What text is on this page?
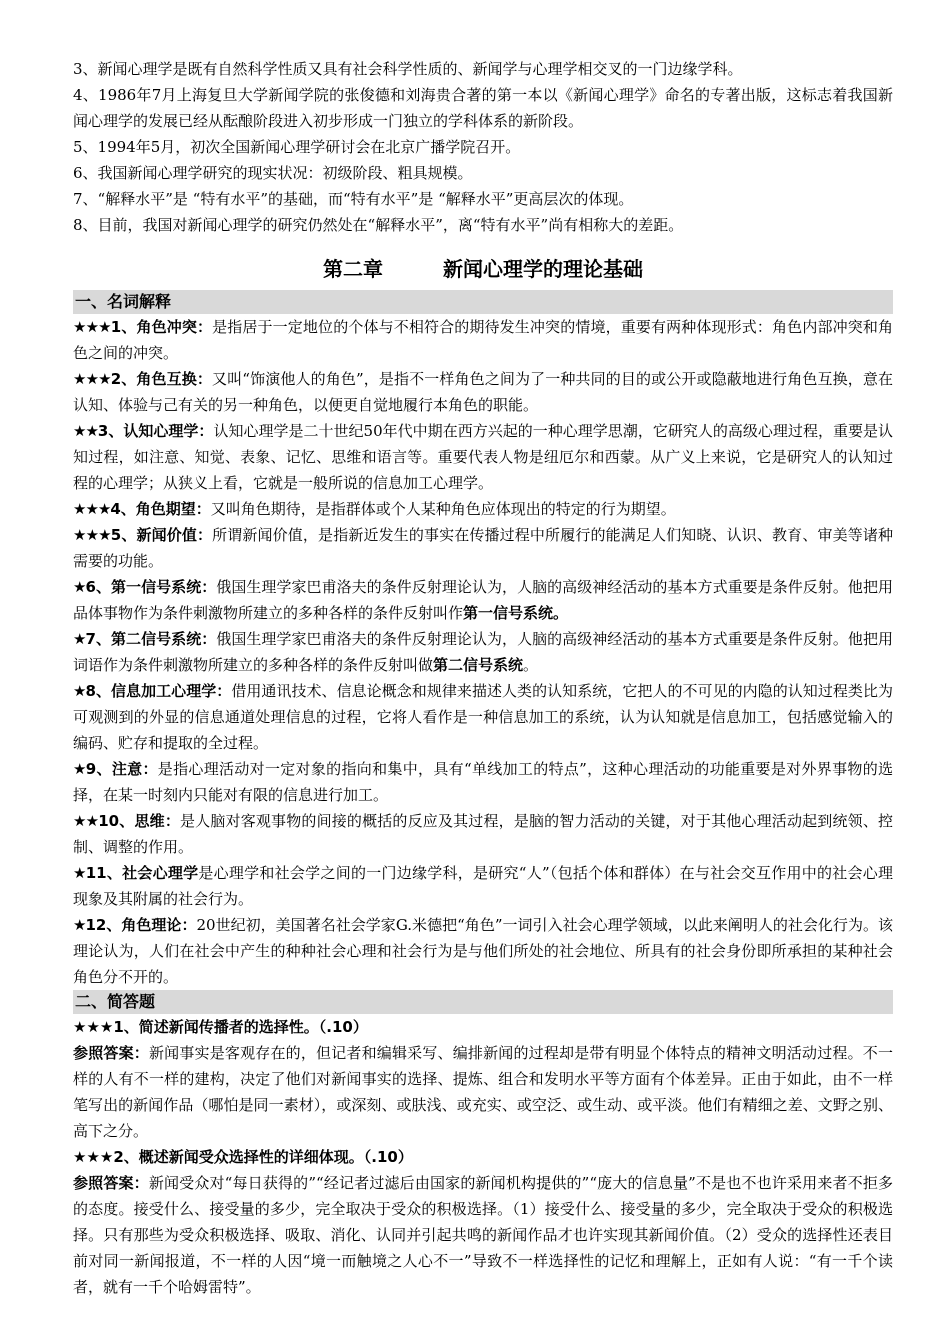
3、新闻心理学是既有自然科学性质又具有社会科学性质的、新闻学与心理学相交叉的一门边缘学科。

4、1986年7月上海复旦大学新闻学院的张俊德和刘海贵合著的第一本以《新闻心理学》命名的专著出版，这标志着我国新闻心理学的发展已经从酝酿阶段进入初步形成一门独立的学科体系的新阶段。

5、1994年5月，初次全国新闻心理学研讨会在北京广播学院召开。

6、我国新闻心理学研究的现实状况：初级阶段、粗具规模。

7、“解释水平”是 “特有水平”的基础，而“特有水平”是 “解释水平”更高层次的体现。

8、目前，我国对新闻心理学的研究仍然处在“解释水平”，离“特有水平”尚有相称大的差距。

第二章	新闻心理学的理论基础
一、名词解释

★★★1、角色冲突：是指居于一定地位的个体与不相符合的期待发生冲突的情境，重要有两种体现形式：角色内部冲突和角色之间的冲突。

★★★2、角色互换：又叫“饰演他人的角色”，是指不一样角色之间为了一种共同的目的或公开或隐蔽地进行角色互换，意在认知、体验与己有关的另一种角色，以便更自觉地履行本角色的职能。

★★3、认知心理学：认知心理学是二十世纪50年代中期在西方兴起的一种心理学思潮，它研究人的高级心理过程，重要是认知过程，如注意、知觉、表象、记忆、思维和语言等。重要代表人物是纽厄尔和西蒙。从广义上来说，它是研究人的认知过程的心理学；从狭义上看，它就是一般所说的信息加工心理学。

★★★4、角色期望：又叫角色期待，是指群体或个人某种角色应体现出的特定的行为期望。

★★★5、新闻价值：所谓新闻价值，是指新近发生的事实在传播过程中所履行的能满足人们知晓、认识、教育、审美等诸种需要的功能。

★6、第一信号系统：俄国生理学家巴甫洛夫的条件反射理论认为，人脑的高级神经活动的基本方式重要是条件反射。他把用品体事物作为条件刺激物所建立的多种各样的条件反射叫作第一信号系统。

★7、第二信号系统：俄国生理学家巴甫洛夫的条件反射理论认为，人脑的高级神经活动的基本方式重要是条件反射。他把用词语作为条件刺激物所建立的多种各样的条件反射叫做第二信号系统。

★8、信息加工心理学：借用通讯技术、信息论概念和规律来描述人类的认知系统，它把人的不可见的内隐的认知过程类比为可观测到的外显的信息通道处理信息的过程，它将人看作是一种信息加工的系统，认为认知就是信息加工，包括感觉输入的编码、贮存和提取的全过程。

★9、注意：是指心理活动对一定对象的指向和集中，具有“单线加工的特点”，这种心理活动的功能重要是对外界事物的选择，在某一时刻内只能对有限的信息进行加工。

★★10、思维：是人脑对客观事物的间接的概括的反应及其过程，是脑的智力活动的关键，对于其他心理活动起到统领、控制、调整的作用。

★11、社会心理学是心理学和社会学之间的一门边缘学科，是研究“人”（包括个体和群体）在与社会交互作用中的社会心理现象及其附属的社会行为。

★12、角色理论：20世纪初，美国著名社会学家G.米德把“角色”一词引入社会心理学领域，以此来阐明人的社会化行为。该理论认为，人们在社会中产生的种种社会心理和社会行为是与他们所处的社会地位、所具有的社会身份即所承担的某种社会角色分不开的。

二、简答题

★★★1、简述新闻传播者的选择性。（.10）

参照答案：新闻事实是客观存在的，但记者和编辑采写、编排新闻的过程却是带有明显个体特点的精神文明活动过程。不一样的人有不一样的建构，决定了他们对新闻事实的选择、提炼、组合和发明水平等方面有个体差异。正由于如此，由不一样笔写出的新闻作品（哪怕是同一素材），或深刻、或肤浅、或充实、或空泛、或生动、或平淡。他们有精细之差、文野之别、高下之分。

★★★2、概述新闻受众选择性的详细体现。（.10）

参照答案：新闻受众对“每日获得的”“经记者过滤后由国家的新闻机构提供的”“庞大的信息量”不是也不也许采用来者不拒多的态度。接受什么、接受量的多少，完全取决于受众的积极选择。（1）接受什么、接受量的多少，完全取决于受众的积极选择。只有那些为受众积极选择、吸取、消化、认同并引起共鸣的新闻作品才也许实现其新闻价值。（2）受众的选择性还表目前对同一新闻报道，不一样的人因“境一而触境之人心不一”导致不一样选择性的记忆和理解上，正如有人说：“有一千个读者，就有一千个哈姆雷特”。
